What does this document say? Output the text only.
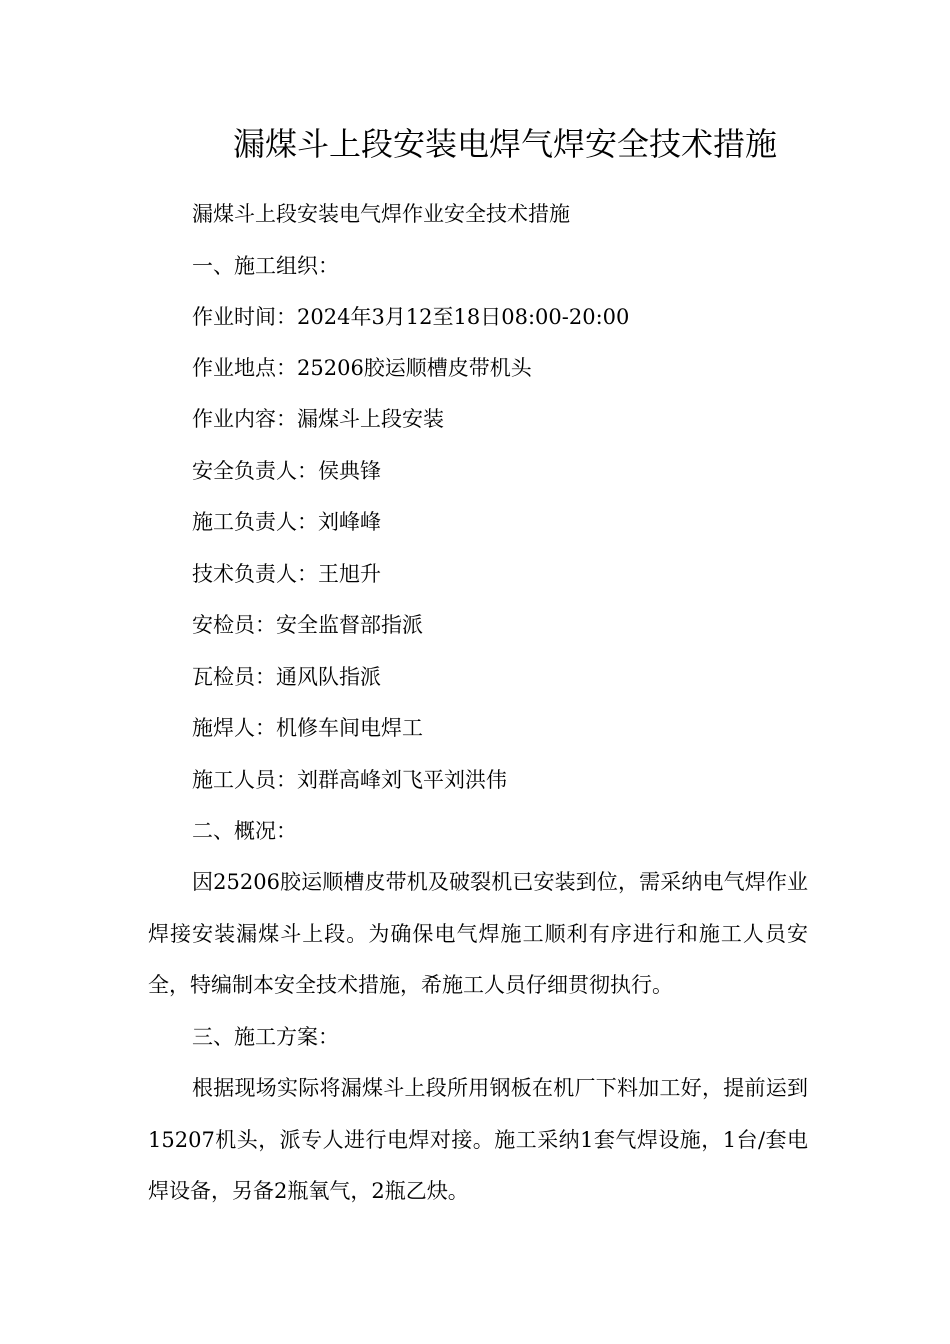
漏煤斗上段安装电焊气焊安全技术措施
漏煤斗上段安装电气焊作业安全技术措施
一、施工组织：
作业时间：2024年3月12至18日08:00-20:00
作业地点：25206胶运顺槽皮带机头
作业内容：漏煤斗上段安装
安全负责人：侯典锋
施工负责人：刘峰峰
技术负责人：王旭升
安检员：安全监督部指派
瓦检员：通风队指派
施焊人：机修车间电焊工
施工人员：刘群高峰刘飞平刘洪伟
二、概况：
因25206胶运顺槽皮带机及破裂机已安装到位，需采纳电气焊作业焊接安装漏煤斗上段。为确保电气焊施工顺利有序进行和施工人员安全，特编制本安全技术措施，希施工人员仔细贯彻执行。
三、施工方案：
根据现场实际将漏煤斗上段所用钢板在机厂下料加工好，提前运到15207机头，派专人进行电焊对接。施工采纳1套气焊设施，1台/套电焊设备，另备2瓶氧气，2瓶乙炔。
